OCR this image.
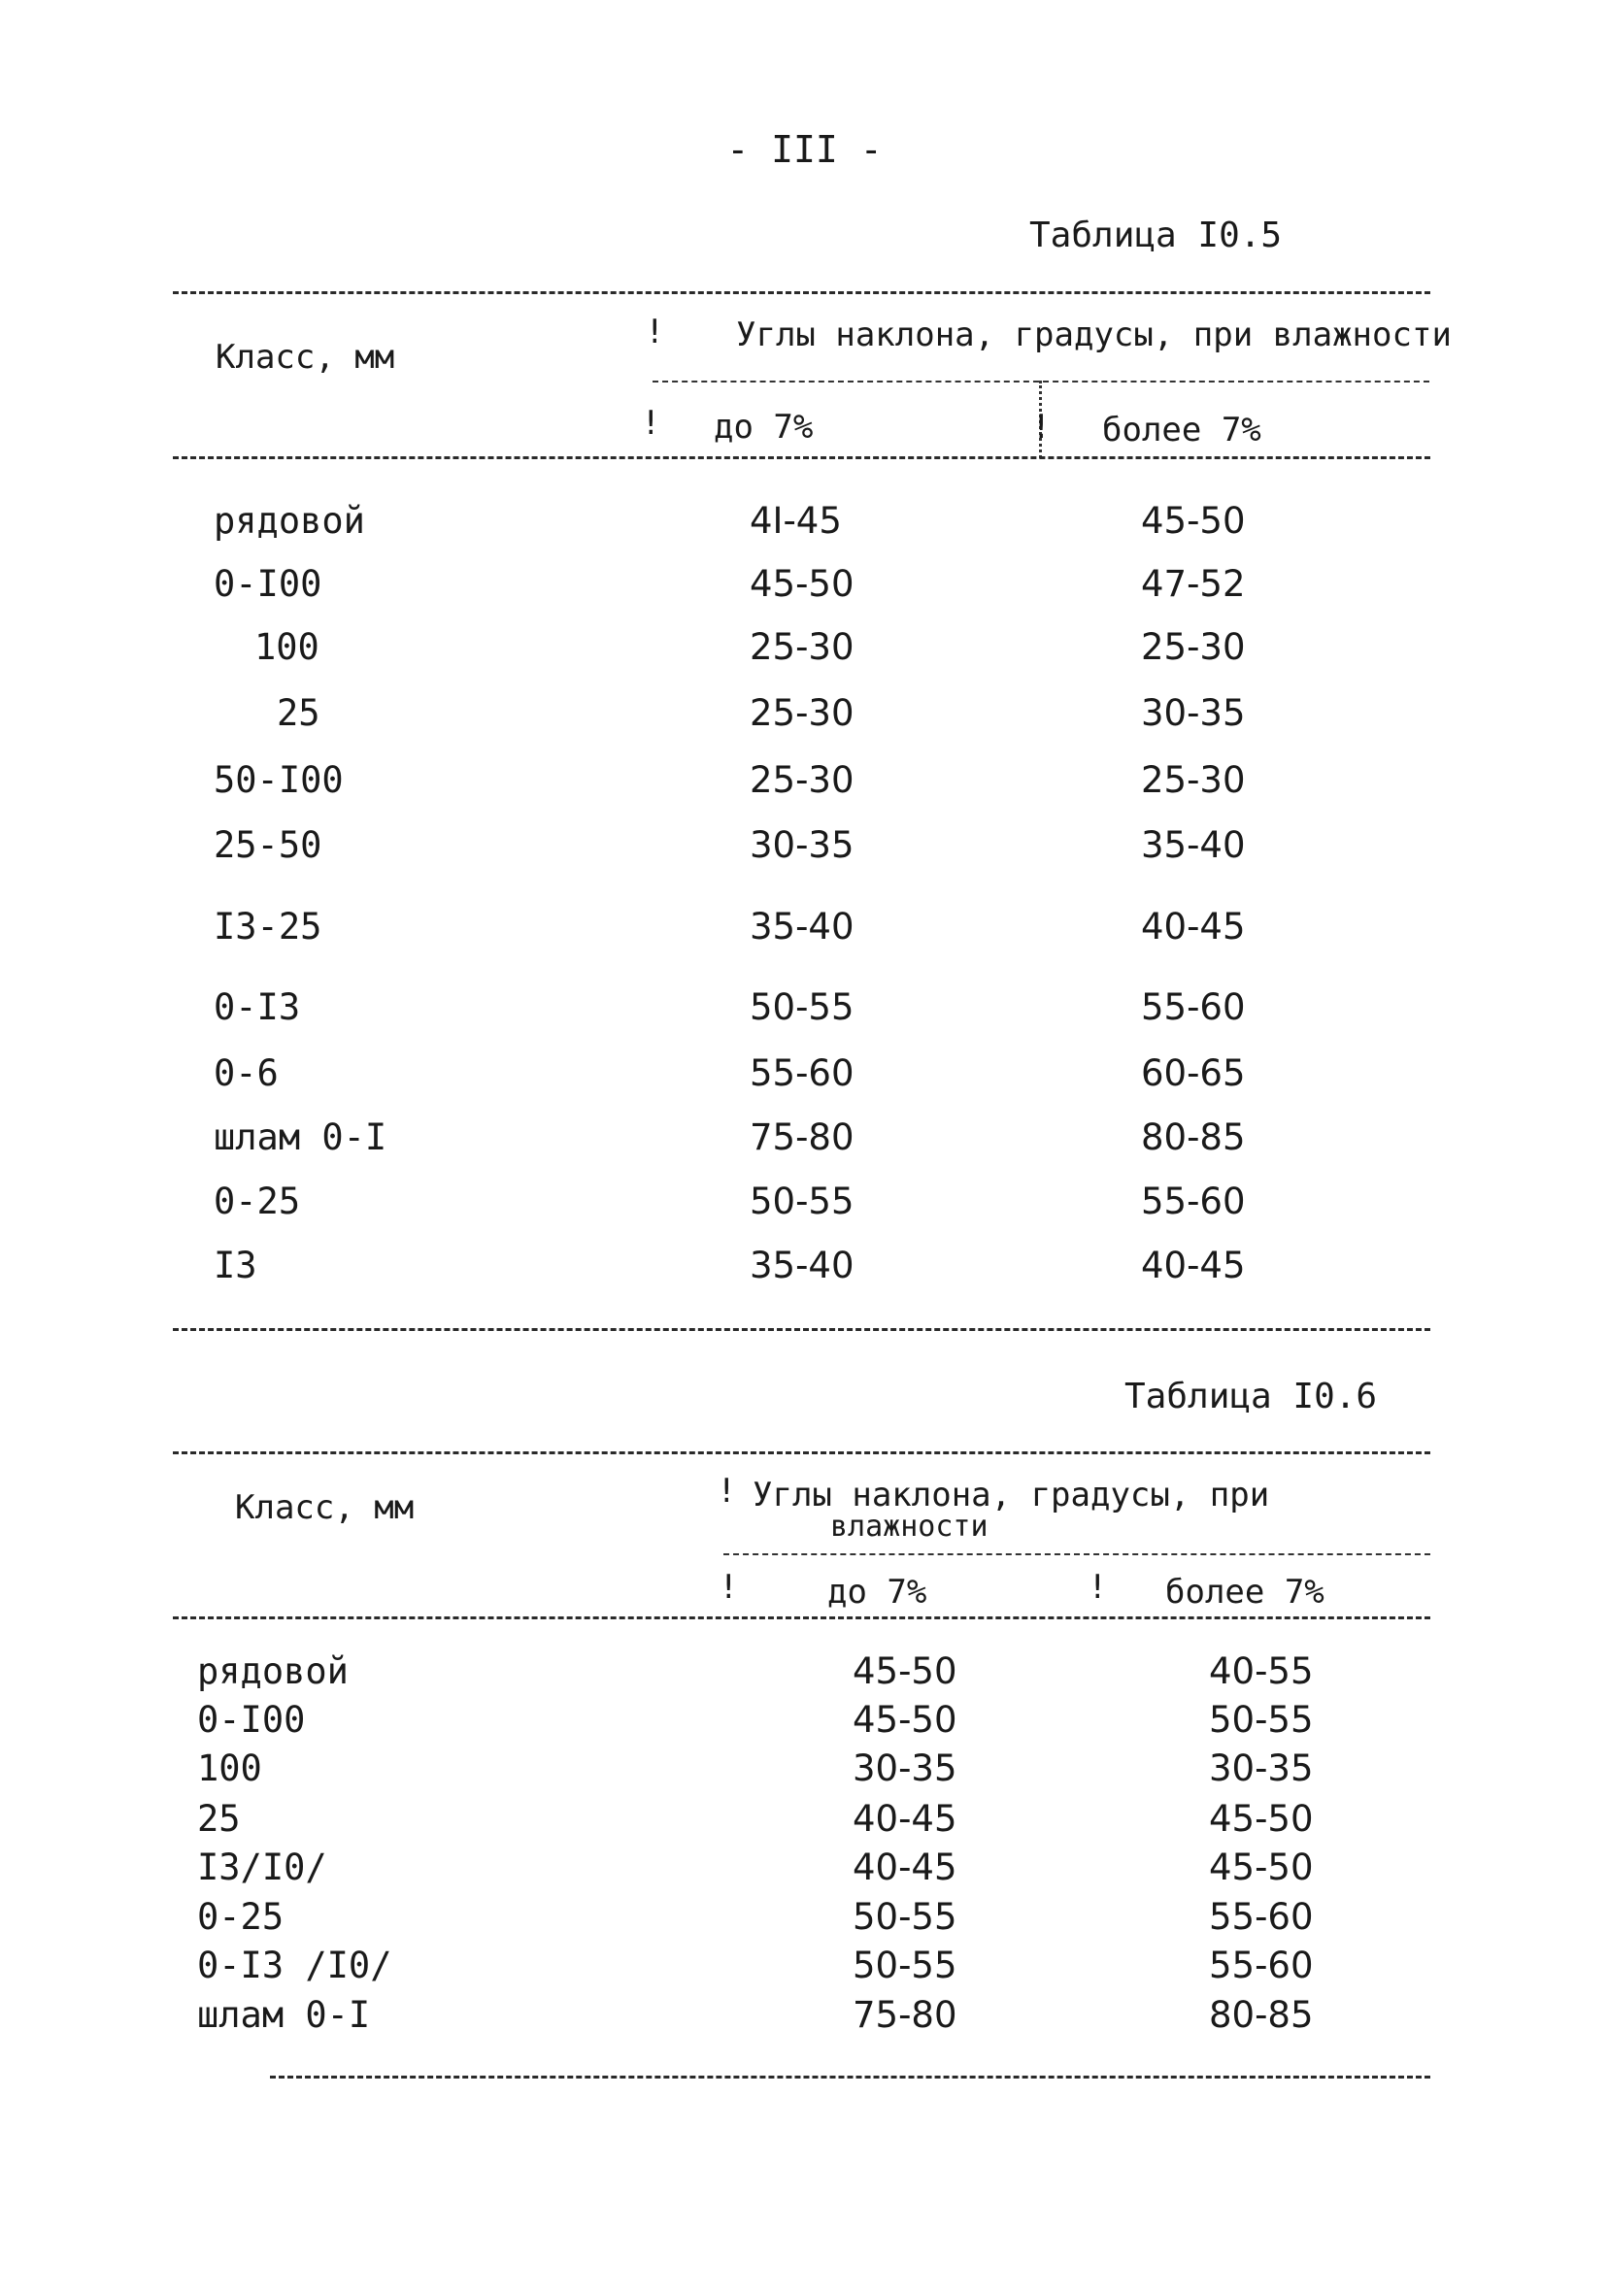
- III -
Таблица I0.5
Класс, мм
! Углы наклона, градусы, при влажности
! до 7%	! более 7%
рядовой	4I-45	45-50
0-I00	45-50	47-52
100	25-30	25-30
25	25-30	30-35
50-I00	25-30	25-30
25-50	30-35	35-40
I3-25	35-40	40-45
0-I3	50-55	55-60
0-6	55-60	60-65
шлам 0-I	75-80	80-85
0-25	50-55	55-60
I3	35-40	40-45
Таблица I0.6
Класс, мм	! Углы наклона, градусы, при
влажности
!	до 7%	! более 7%
рядовой	45-50	40-55
0-I00	45-50	50-55
100	30-35	30-35
25	40-45	45-50
I3/I0/	40-45	45-50
0-25	50-55	55-60
0-I3 /I0/	50-55	55-60
шлам 0-I	75-80	80-85
